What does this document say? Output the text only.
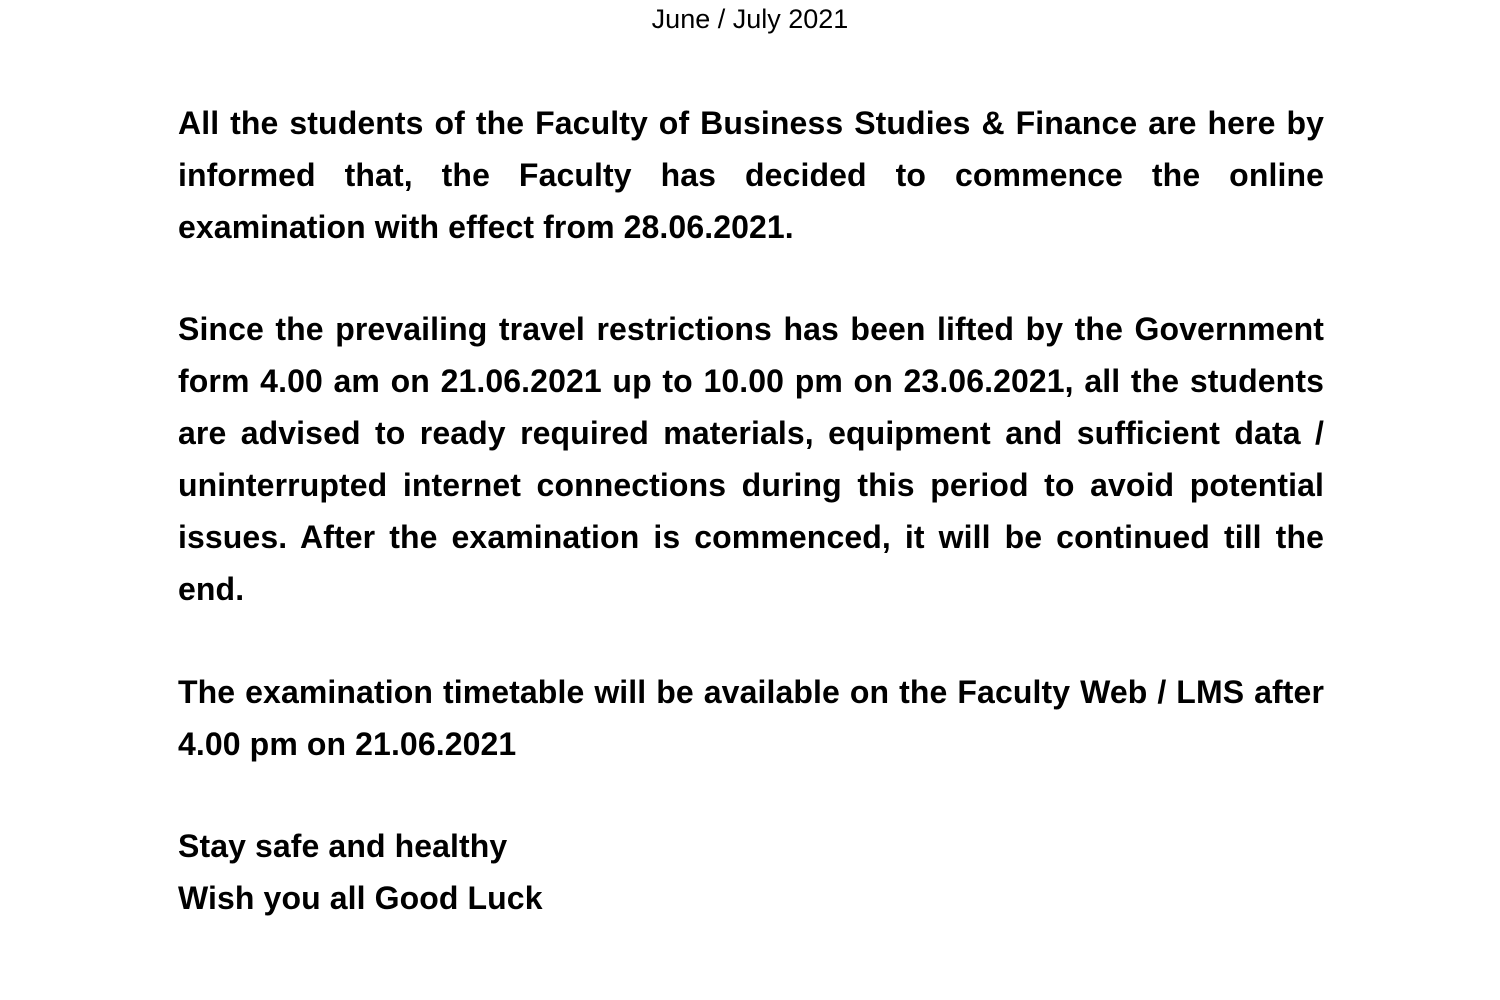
June / July 2021

All the students of the Faculty of Business Studies & Finance are here by informed that, the Faculty has decided to commence the online examination with effect from 28.06.2021.

Since the prevailing travel restrictions has been lifted by the Government form 4.00 am on 21.06.2021 up to 10.00 pm on 23.06.2021, all the students are advised to ready required materials, equipment and sufficient data / uninterrupted internet connections during this period to avoid potential issues. After the examination is commenced, it will be continued till the end.

The examination timetable will be available on the Faculty Web / LMS after 4.00 pm on 21.06.2021

Stay safe and healthy
Wish you all Good Luck
